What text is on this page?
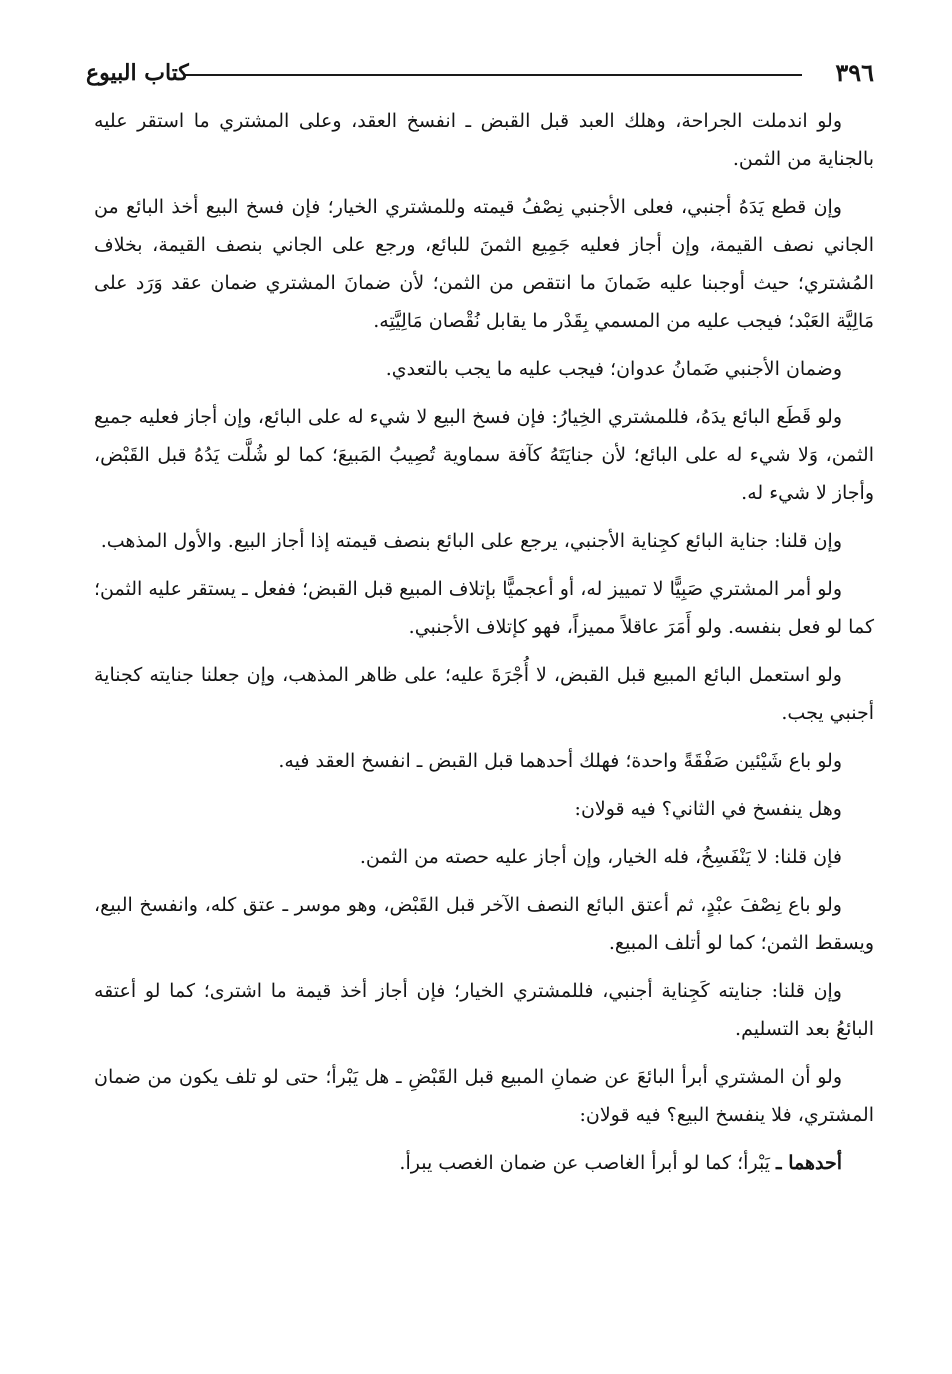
٣٩٦
كتاب البيوع

ولو اندملت الجراحة، وهلك العبد قبل القبض ـ انفسخ العقد، وعلى المشتري ما استقر عليه بالجناية من الثمن.

وإن قطع يَدَهُ أجنبي، فعلى الأجنبي نِصْفُ قيمته وللمشتري الخيار؛ فإن فسخ البيع أخذ البائع من الجاني نصف القيمة، وإن أجاز فعليه جَمِيع الثمنَ للبائع، ورجع على الجاني بنصف القيمة، بخلاف المُشتري؛ حيث أوجبنا عليه ضَمانَ ما انتقص من الثمن؛ لأن ضمانَ المشتري ضمان عقد وَرَد على مَالِيَّة العَبْد؛ فيجب عليه من المسمي بِقَدْر ما يقابل نُقْصان مَالِيَّتِه.

وضمان الأجنبي ضَمانُ عدوان؛ فيجب عليه ما يجب بالتعدي.

ولو قَطَع البائع يدَهُ، فللمشتري الخِيارُ: فإن فسخ البيع لا شيء له على البائع، وإن أجاز فعليه جميع الثمن، وَلا شيء له على البائع؛ لأن جنايَتَهُ كآفة سماوية تُصِيبُ المَبيعَ؛ كما لو شُلَّت يَدُهُ قبل القَبْض، وأجاز لا شيء له.

وإن قلنا: جناية البائع كجِناية الأجنبي، يرجع على البائع بنصف قيمته إذا أجاز البيع. والأول المذهب.

ولو أمر المشتري صَبِيًّا لا تمييز له، أو أعجميًّا بإتلاف المبيع قبل القبض؛ ففعل ـ يستقر عليه الثمن؛ كما لو فعل بنفسه. ولو أَمَرَ عاقلاً مميزاً، فهو كإتلاف الأجنبي.

ولو استعمل البائع المبيع قبل القبض، لا أُجْرَةَ عليه؛ على ظاهر المذهب، وإن جعلنا جنايته كجناية أجنبي يجب.

ولو باع شَيْئين صَفْقَةً واحدة؛ فهلك أحدهما قبل القبض ـ انفسخ العقد فيه.

وهل ينفسخ في الثاني؟ فيه قولان:

فإن قلنا: لا يَنْفَسِخُ، فله الخيار، وإن أجاز عليه حصته من الثمن.

ولو باع نِصْفَ عبْدٍ، ثم أعتق البائع النصف الآخر قبل القَبْض، وهو موسر ـ عتق كله، وانفسخ البيع، ويسقط الثمن؛ كما لو أتلف المبيع.

وإن قلنا: جنايته كَجِناية أجنبي، فللمشتري الخيار؛ فإن أجاز أخذ قيمة ما اشترى؛ كما لو أعتقه البائعُ بعد التسليم.

ولو أن المشتري أبرأ البائعَ عن ضمانِ المبيع قبل القَبْضِ ـ هل يَبْرأ؛ حتى لو تلف يكون من ضمان المشتري، فلا ينفسخ البيع؟ فيه قولان:

أحدهما ـ يَبْرأ؛ كما لو أبرأ الغاصب عن ضمان الغصب يبرأ.
